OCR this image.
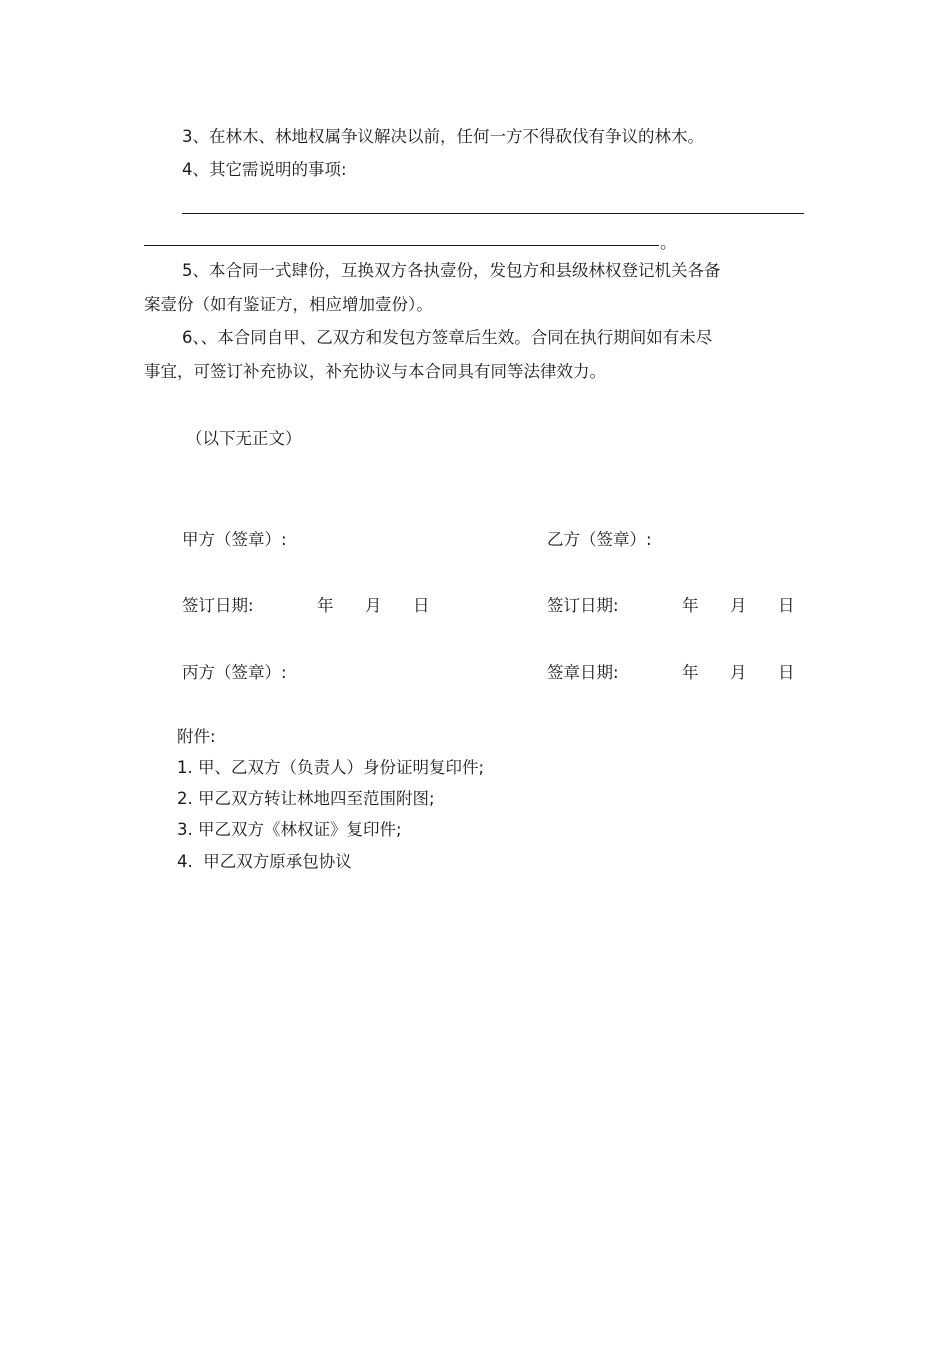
3、在林木、林地权属争议解决以前，任何一方不得砍伐有争议的林木。
4、其它需说明的事项:
。
5、本合同一式肆份，互换双方各执壹份，发包方和县级林权登记机关各备
案壹份（如有鉴证方，相应增加壹份）。
6、、本合同自甲、乙双方和发包方签章后生效。合同在执行期间如有未尽
事宜，可签订补充协议，补充协议与本合同具有同等法律效力。
（以下无正文）
甲方（签章）:	乙方（签章）:
签订日期:	年 月 日	签订日期:	年 月 日
丙方（签章）:	签章日期:	年 月 日
附件:
1. 甲、乙双方（负责人）身份证明复印件;
2. 甲乙双方转让林地四至范围附图;
3. 甲乙双方《林权证》复印件;
4.  甲乙双方原承包协议
